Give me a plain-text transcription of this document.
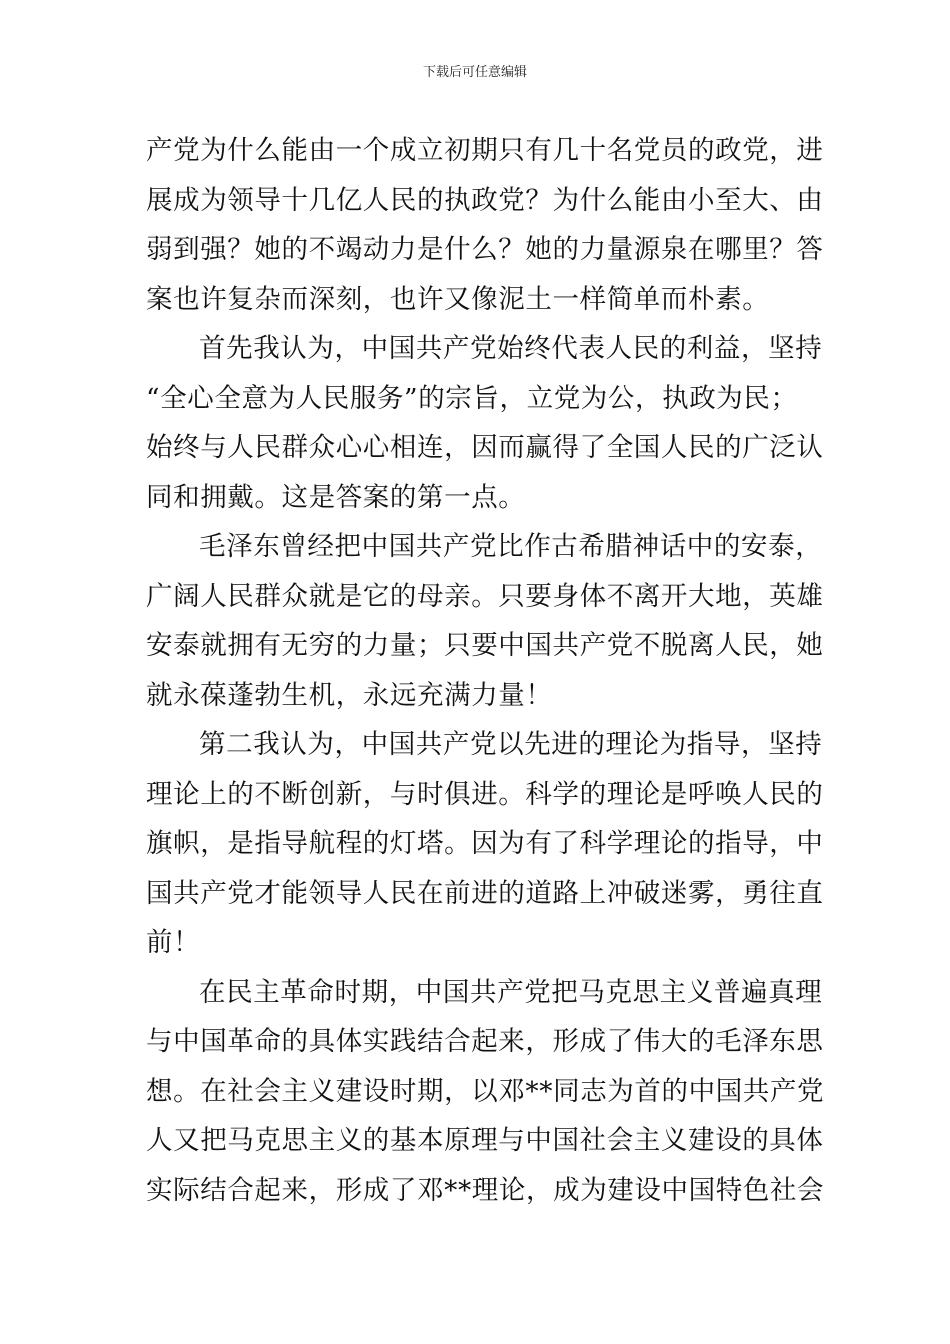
下载后可任意编辑
产党为什么能由一个成立初期只有几十名党员的政党，进
展成为领导十几亿人民的执政党？为什么能由小至大、由
弱到强？她的不竭动力是什么？她的力量源泉在哪里？答
案也许复杂而深刻，也许又像泥土一样简单而朴素。
首先我认为，中国共产党始终代表人民的利益，坚持
“全心全意为人民服务”的宗旨，立党为公，执政为民；
始终与人民群众心心相连，因而赢得了全国人民的广泛认
同和拥戴。这是答案的第一点。
毛泽东曾经把中国共产党比作古希腊神话中的安泰，
广阔人民群众就是它的母亲。只要身体不离开大地，英雄
安泰就拥有无穷的力量；只要中国共产党不脱离人民，她
就永葆蓬勃生机，永远充满力量！
第二我认为，中国共产党以先进的理论为指导，坚持
理论上的不断创新，与时俱进。科学的理论是呼唤人民的
旗帜，是指导航程的灯塔。因为有了科学理论的指导，中
国共产党才能领导人民在前进的道路上冲破迷雾，勇往直
前！
在民主革命时期，中国共产党把马克思主义普遍真理
与中国革命的具体实践结合起来，形成了伟大的毛泽东思
想。在社会主义建设时期，以邓**同志为首的中国共产党
人又把马克思主义的基本原理与中国社会主义建设的具体
实际结合起来，形成了邓**理论，成为建设中国特色社会
